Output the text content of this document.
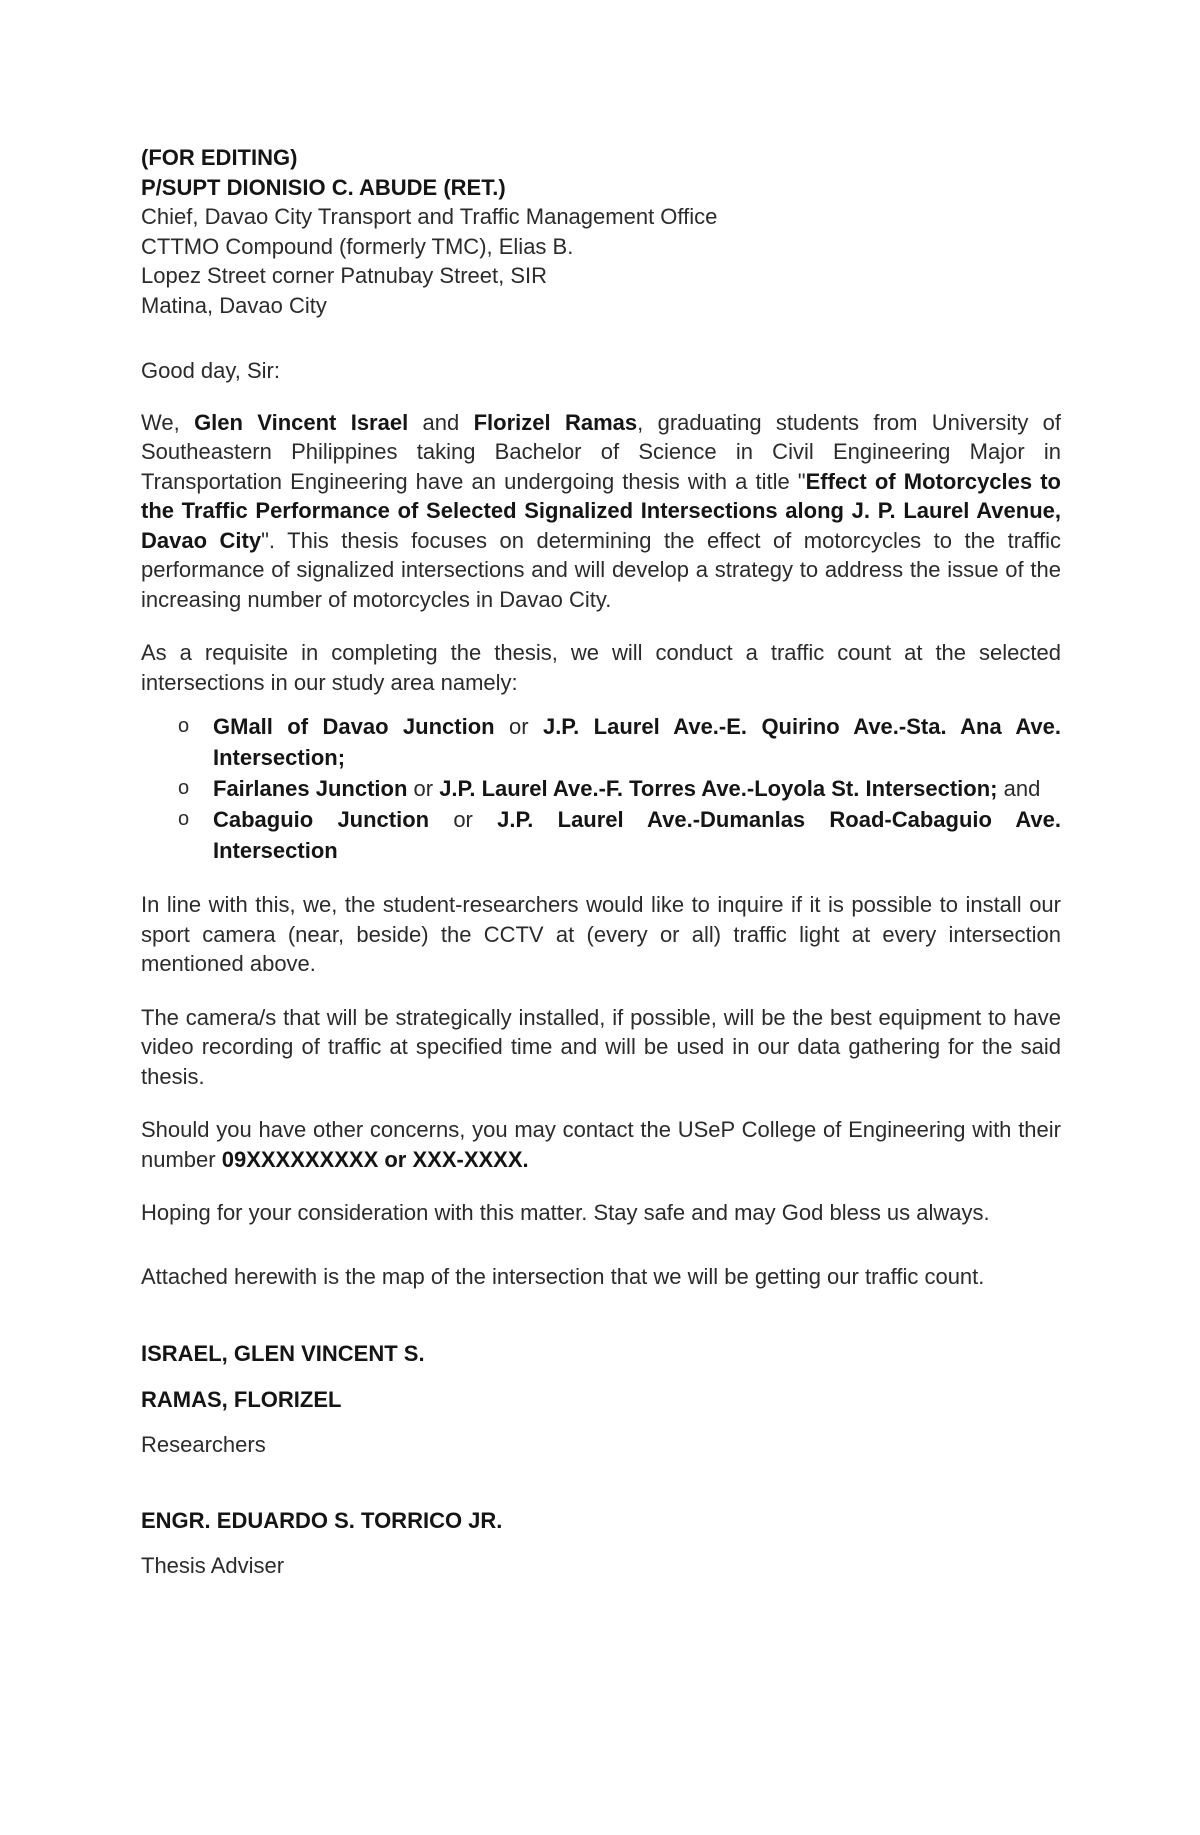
(FOR EDITING)
P/SUPT DIONISIO C. ABUDE (RET.)
Chief, Davao City Transport and Traffic Management Office
CTTMO Compound (formerly TMC), Elias B.
Lopez Street corner Patnubay Street, SIR
Matina, Davao City

Good day, Sir:

We, Glen Vincent Israel and Florizel Ramas, graduating students from University of Southeastern Philippines taking Bachelor of Science in Civil Engineering Major in Transportation Engineering have an undergoing thesis with a title "Effect of Motorcycles to the Traffic Performance of Selected Signalized Intersections along J. P. Laurel Avenue, Davao City". This thesis focuses on determining the effect of motorcycles to the traffic performance of signalized intersections and will develop a strategy to address the issue of the increasing number of motorcycles in Davao City.

As a requisite in completing the thesis, we will conduct a traffic count at the selected intersections in our study area namely:

o GMall of Davao Junction or J.P. Laurel Ave.-E. Quirino Ave.-Sta. Ana Ave. Intersection;
o Fairlanes Junction or J.P. Laurel Ave.-F. Torres Ave.-Loyola St. Intersection; and
o Cabaguio Junction or J.P. Laurel Ave.-Dumanlas Road-Cabaguio Ave. Intersection

In line with this, we, the student-researchers would like to inquire if it is possible to install our sport camera (near, beside) the CCTV at (every or all) traffic light at every intersection mentioned above.

The camera/s that will be strategically installed, if possible, will be the best equipment to have video recording of traffic at specified time and will be used in our data gathering for the said thesis.

Should you have other concerns, you may contact the USeP College of Engineering with their number 09XXXXXXXXX or XXX-XXXX.

Hoping for your consideration with this matter. Stay safe and may God bless us always.

Attached herewith is the map of the intersection that we will be getting our traffic count.

ISRAEL, GLEN VINCENT S.

RAMAS, FLORIZEL

Researchers

ENGR. EDUARDO S. TORRICO JR.

Thesis Adviser
